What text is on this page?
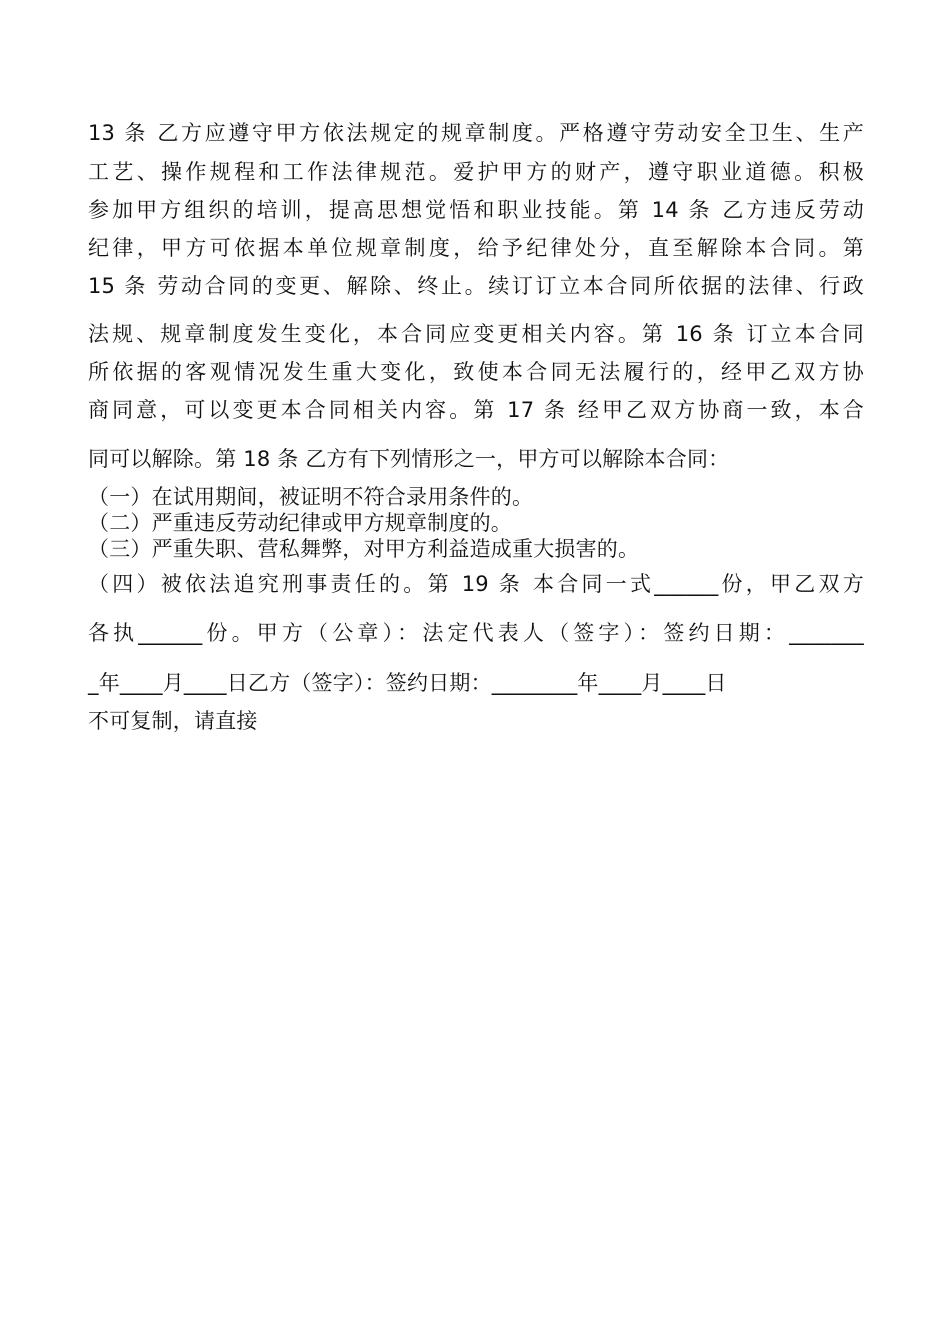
13 条 乙方应遵守甲方依法规定的规章制度。严格遵守劳动安全卫生、生产
工艺、操作规程和工作法律规范。爱护甲方的财产，遵守职业道德。积极
参加甲方组织的培训，提高思想觉悟和职业技能。第 14 条 乙方违反劳动
纪律，甲方可依据本单位规章制度，给予纪律处分，直至解除本合同。第
15 条 劳动合同的变更、解除、终止。续订订立本合同所依据的法律、行政
法规、规章制度发生变化，本合同应变更相关内容。第 16 条 订立本合同
所依据的客观情况发生重大变化，致使本合同无法履行的，经甲乙双方协
商同意，可以变更本合同相关内容。第 17 条 经甲乙双方协商一致，本合
同可以解除。第 18 条 乙方有下列情形之一，甲方可以解除本合同：
（一）在试用期间，被证明不符合录用条件的。
（二）严重违反劳动纪律或甲方规章制度的。
（三）严重失职、营私舞弊，对甲方利益造成重大损害的。
（四）被依法追究刑事责任的。第 19 条 本合同一式______份，甲乙双方
各执______份。甲方（公章）：法定代表人（签字）：签约日期：_______
_年____月____日乙方（签字）：签约日期：________年____月____日
不可复制，请直接
